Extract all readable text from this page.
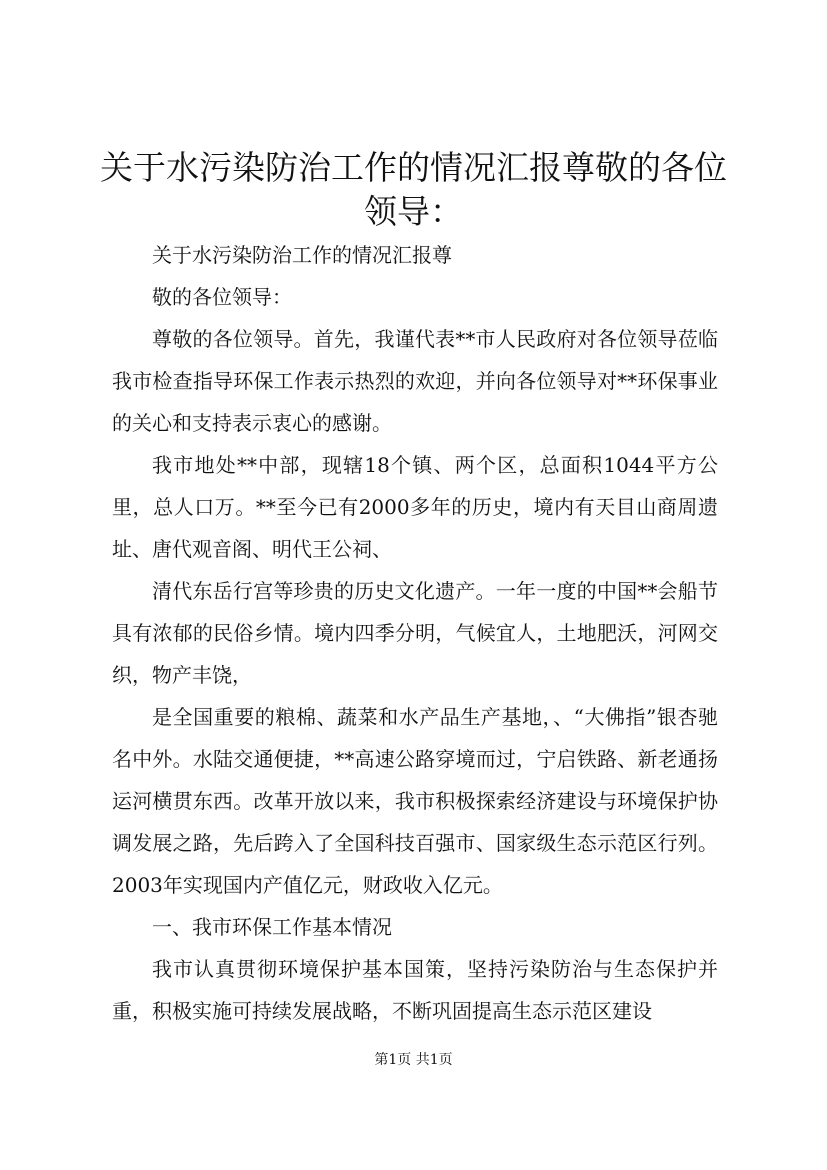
关于水污染防治工作的情况汇报尊敬的各位领导：

关于水污染防治工作的情况汇报尊

敬的各位领导：

尊敬的各位领导。首先，我谨代表**市人民政府对各位领导莅临我市检查指导环保工作表示热烈的欢迎，并向各位领导对**环保事业的关心和支持表示衷心的感谢。

我市地处**中部，现辖18个镇、两个区，总面积1044平方公里，总人口万。**至今已有2000多年的历史，境内有天目山商周遗址、唐代观音阁、明代王公祠、

清代东岳行宫等珍贵的历史文化遗产。一年一度的中国**会船节具有浓郁的民俗乡情。境内四季分明，气候宜人，土地肥沃，河网交织，物产丰饶，

是全国重要的粮棉、蔬菜和水产品生产基地，、“大佛指”银杏驰名中外。水陆交通便捷，**高速公路穿境而过，宁启铁路、新老通扬运河横贯东西。改革开放以来，我市积极探索经济建设与环境保护协调发展之路，先后跨入了全国科技百强市、国家级生态示范区行列。2003年实现国内产值亿元，财政收入亿元。

一、我市环保工作基本情况

我市认真贯彻环境保护基本国策，坚持污染防治与生态保护并重，积极实施可持续发展战略，不断巩固提高生态示范区建设

第1页 共1页
